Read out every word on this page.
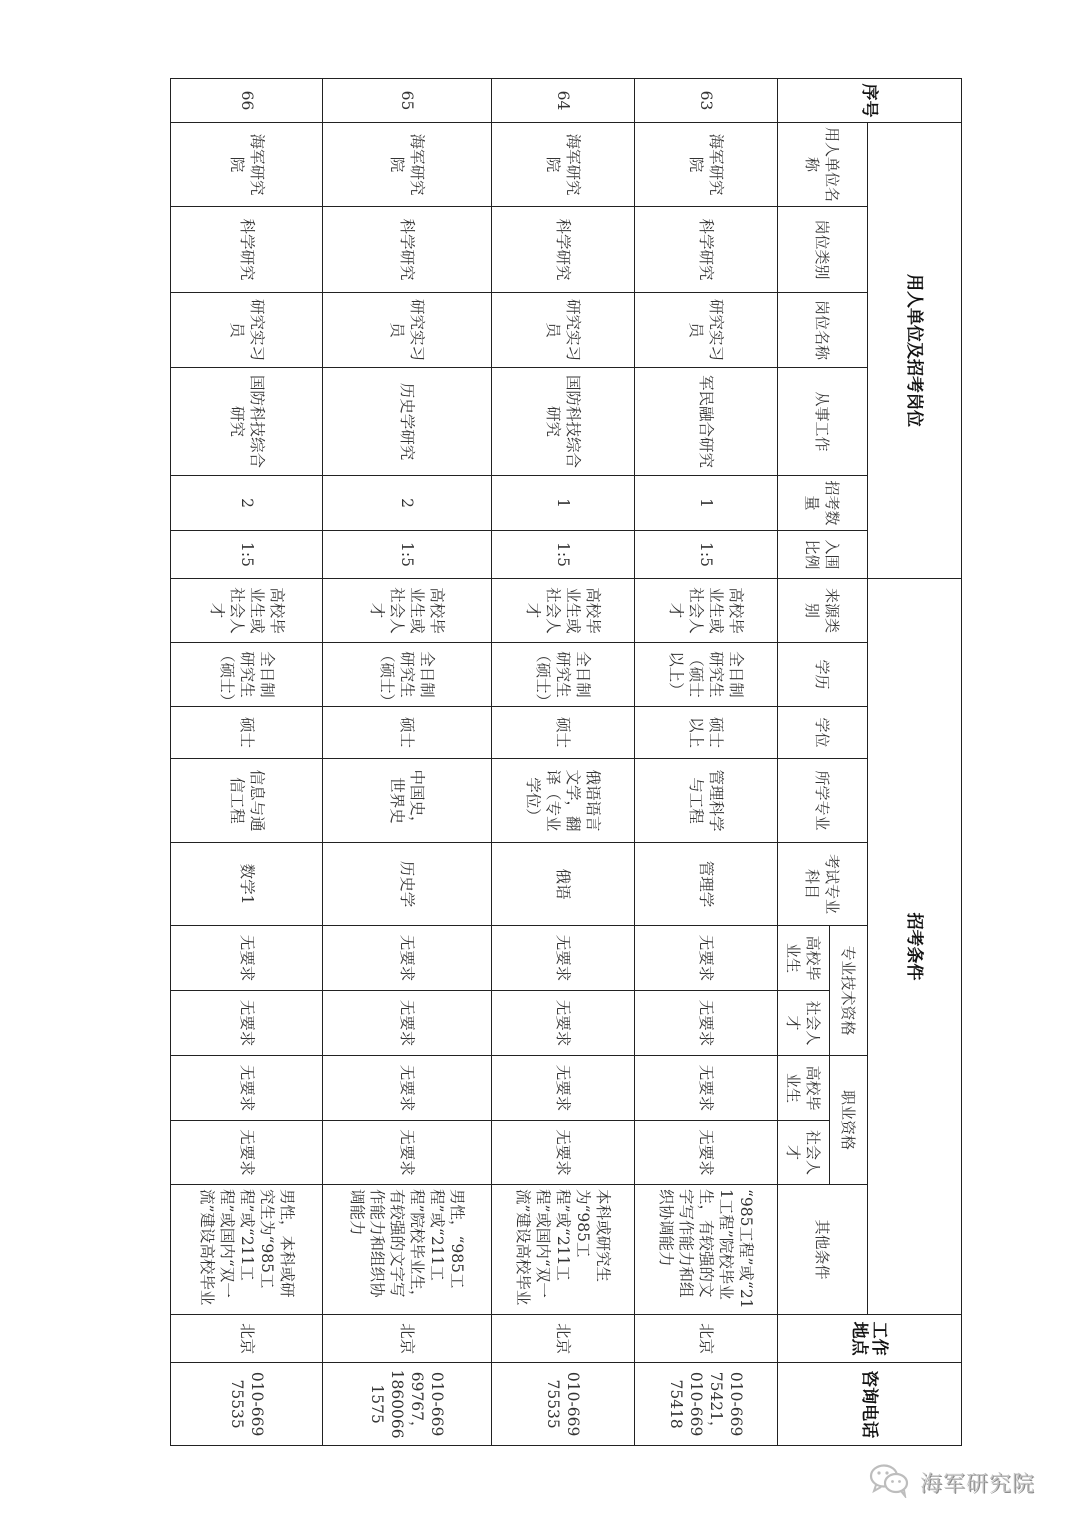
序号	用人单位及招考岗位						招考条件										工作地点	咨询电话
	用人单位名称	岗位类别	岗位名称	从事工作	招考数量	入围比例	来源类别	学历	学位	所学专业	考试专业科目	专业技术资格		职业资格		其他条件		
												高校毕业生	社会人才	高校毕业生	社会人才			
63	海军研究院	科学研究	研究实习员	军民融合研究	1	1:5	高校毕业生或社会人才	全日制研究生（硕士以上）	硕士以上	管理科学与工程	管理学	无要求	无要求	无要求	无要求	“985工程”或“211工程”院校毕业生，有较强的文字写作能力和组织协调能力	北京	010-66975421，010-66975418
64	海军研究院	科学研究	研究实习员	国防科技综合研究	1	1:5	高校毕业生或社会人才	全日制研究生（硕士）	硕士	俄语语言文学，翻译（专业学位）	俄语	无要求	无要求	无要求	无要求	本科或研究生为“985工程”或“211工程”或国内“双一流”建设高校毕业	北京	010-66975535
65	海军研究院	科学研究	研究实习员	历史学研究	2	1:5	高校毕业生或社会人才	全日制研究生（硕士）	硕士	中国史，世界史	历史学	无要求	无要求	无要求	无要求	男性，“985工程”或“211工程”院校毕业生，有较强的文字写作能力和组织协调能力	北京	010-66969767，18600661575
66	海军研究院	科学研究	研究实习员	国防科技综合研究	2	1:5	高校毕业生或社会人才	全日制研究生（硕士）	硕士	信息与通信工程	数学1	无要求	无要求	无要求	无要求	男性，本科或研究生为“985工程”或“211工程”或国内“双一流”建设高校毕业	北京	010-66975535
海军研究院
